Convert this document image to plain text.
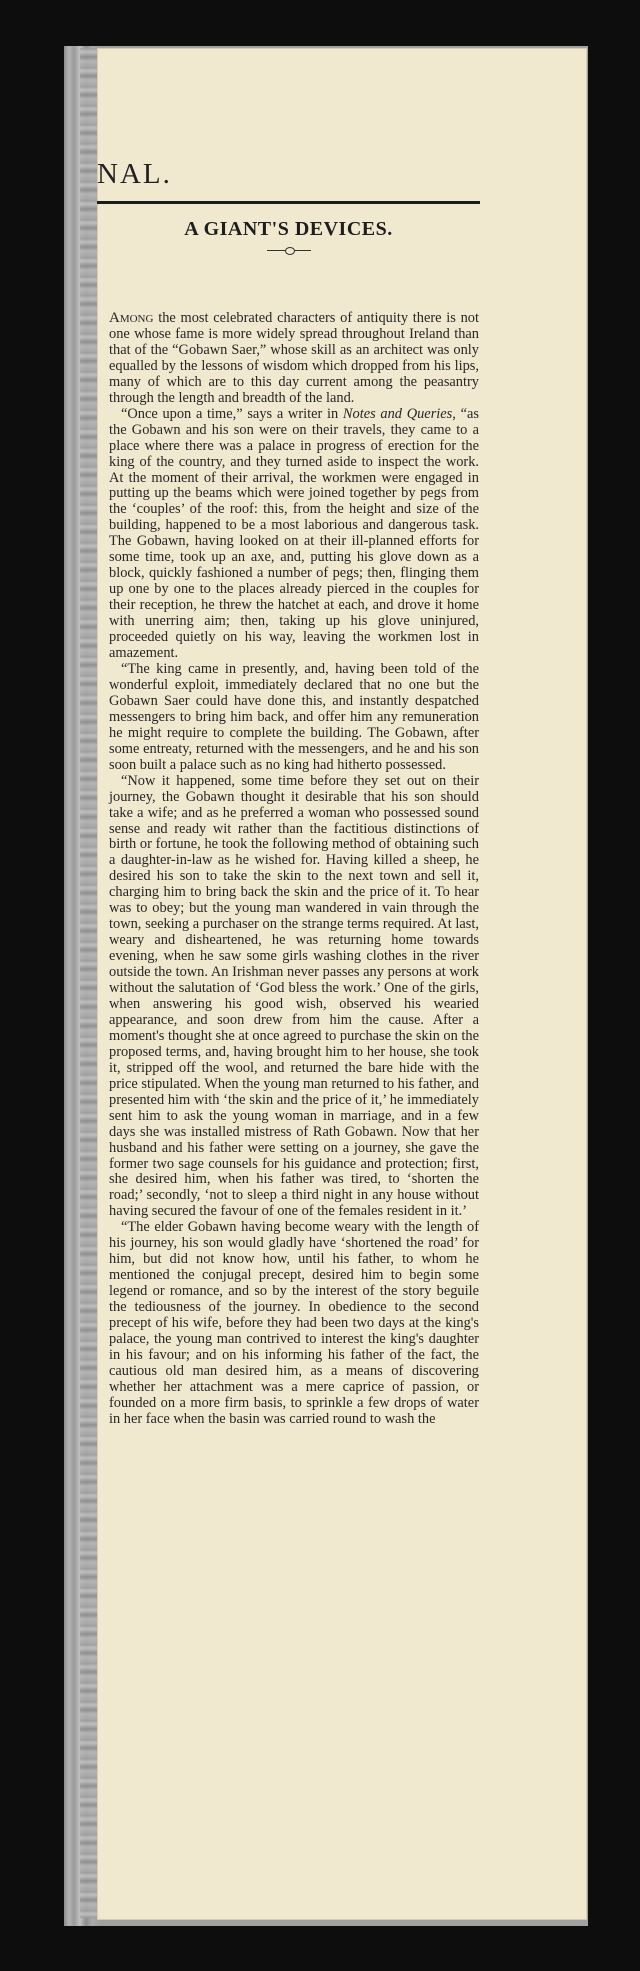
NAL.
A GIANT'S DEVICES.

Among the most celebrated characters of antiquity there is not one whose fame is more widely spread throughout Ireland than that of the “Gobawn Saer,” whose skill as an architect was only equalled by the lessons of wisdom which dropped from his lips, many of which are to this day current among the peasantry through the length and breadth of the land.

“Once upon a time,” says a writer in Notes and Queries, “as the Gobawn and his son were on their travels, they came to a place where there was a palace in progress of erection for the king of the country, and they turned aside to inspect the work. At the moment of their arrival, the workmen were engaged in putting up the beams which were joined together by pegs from the ‘couples’ of the roof: this, from the height and size of the building, happened to be a most laborious and dangerous task. The Gobawn, having looked on at their ill-planned efforts for some time, took up an axe, and, putting his glove down as a block, quickly fashioned a number of pegs; then, flinging them up one by one to the places already pierced in the couples for their reception, he threw the hatchet at each, and drove it home with unerring aim; then, taking up his glove uninjured, proceeded quietly on his way, leaving the workmen lost in amazement.

“The king came in presently, and, having been told of the wonderful exploit, immediately declared that no one but the Gobawn Saer could have done this, and instantly despatched messengers to bring him back, and offer him any remuneration he might require to complete the building. The Gobawn, after some entreaty, returned with the messengers, and he and his son soon built a palace such as no king had hitherto possessed.

“Now it happened, some time before they set out on their journey, the Gobawn thought it desirable that his son should take a wife; and as he preferred a woman who possessed sound sense and ready wit rather than the factitious distinctions of birth or fortune, he took the following method of obtaining such a daughter-in-law as he wished for. Having killed a sheep, he desired his son to take the skin to the next town and sell it, charging him to bring back the skin and the price of it. To hear was to obey; but the young man wandered in vain through the town, seeking a purchaser on the strange terms required. At last, weary and disheartened, he was returning home towards evening, when he saw some girls washing clothes in the river outside the town. An Irishman never passes any persons at work without the salutation of ‘God bless the work.’ One of the girls, when answering his good wish, observed his wearied appearance, and soon drew from him the cause. After a moment's thought she at once agreed to purchase the skin on the proposed terms, and, having brought him to her house, she took it, stripped off the wool, and returned the bare hide with the price stipulated. When the young man returned to his father, and presented him with ‘the skin and the price of it,’ he immediately sent him to ask the young woman in marriage, and in a few days she was installed mistress of Rath Gobawn. Now that her husband and his father were setting on a journey, she gave the former two sage counsels for his guidance and protection; first, she desired him, when his father was tired, to ‘shorten the road;’ secondly, ‘not to sleep a third night in any house without having secured the favour of one of the females resident in it.’

“The elder Gobawn having become weary with the length of his journey, his son would gladly have ‘shortened the road’ for him, but did not know how, until his father, to whom he mentioned the conjugal precept, desired him to begin some legend or romance, and so by the interest of the story beguile the tediousness of the journey. In obedience to the second precept of his wife, before they had been two days at the king's palace, the young man contrived to interest the king's daughter in his favour; and on his informing his father of the fact, the cautious old man desired him, as a means of discovering whether her attachment was a mere caprice of passion, or founded on a more firm basis, to sprinkle a few drops of water in her face when the basin was carried round to wash the
